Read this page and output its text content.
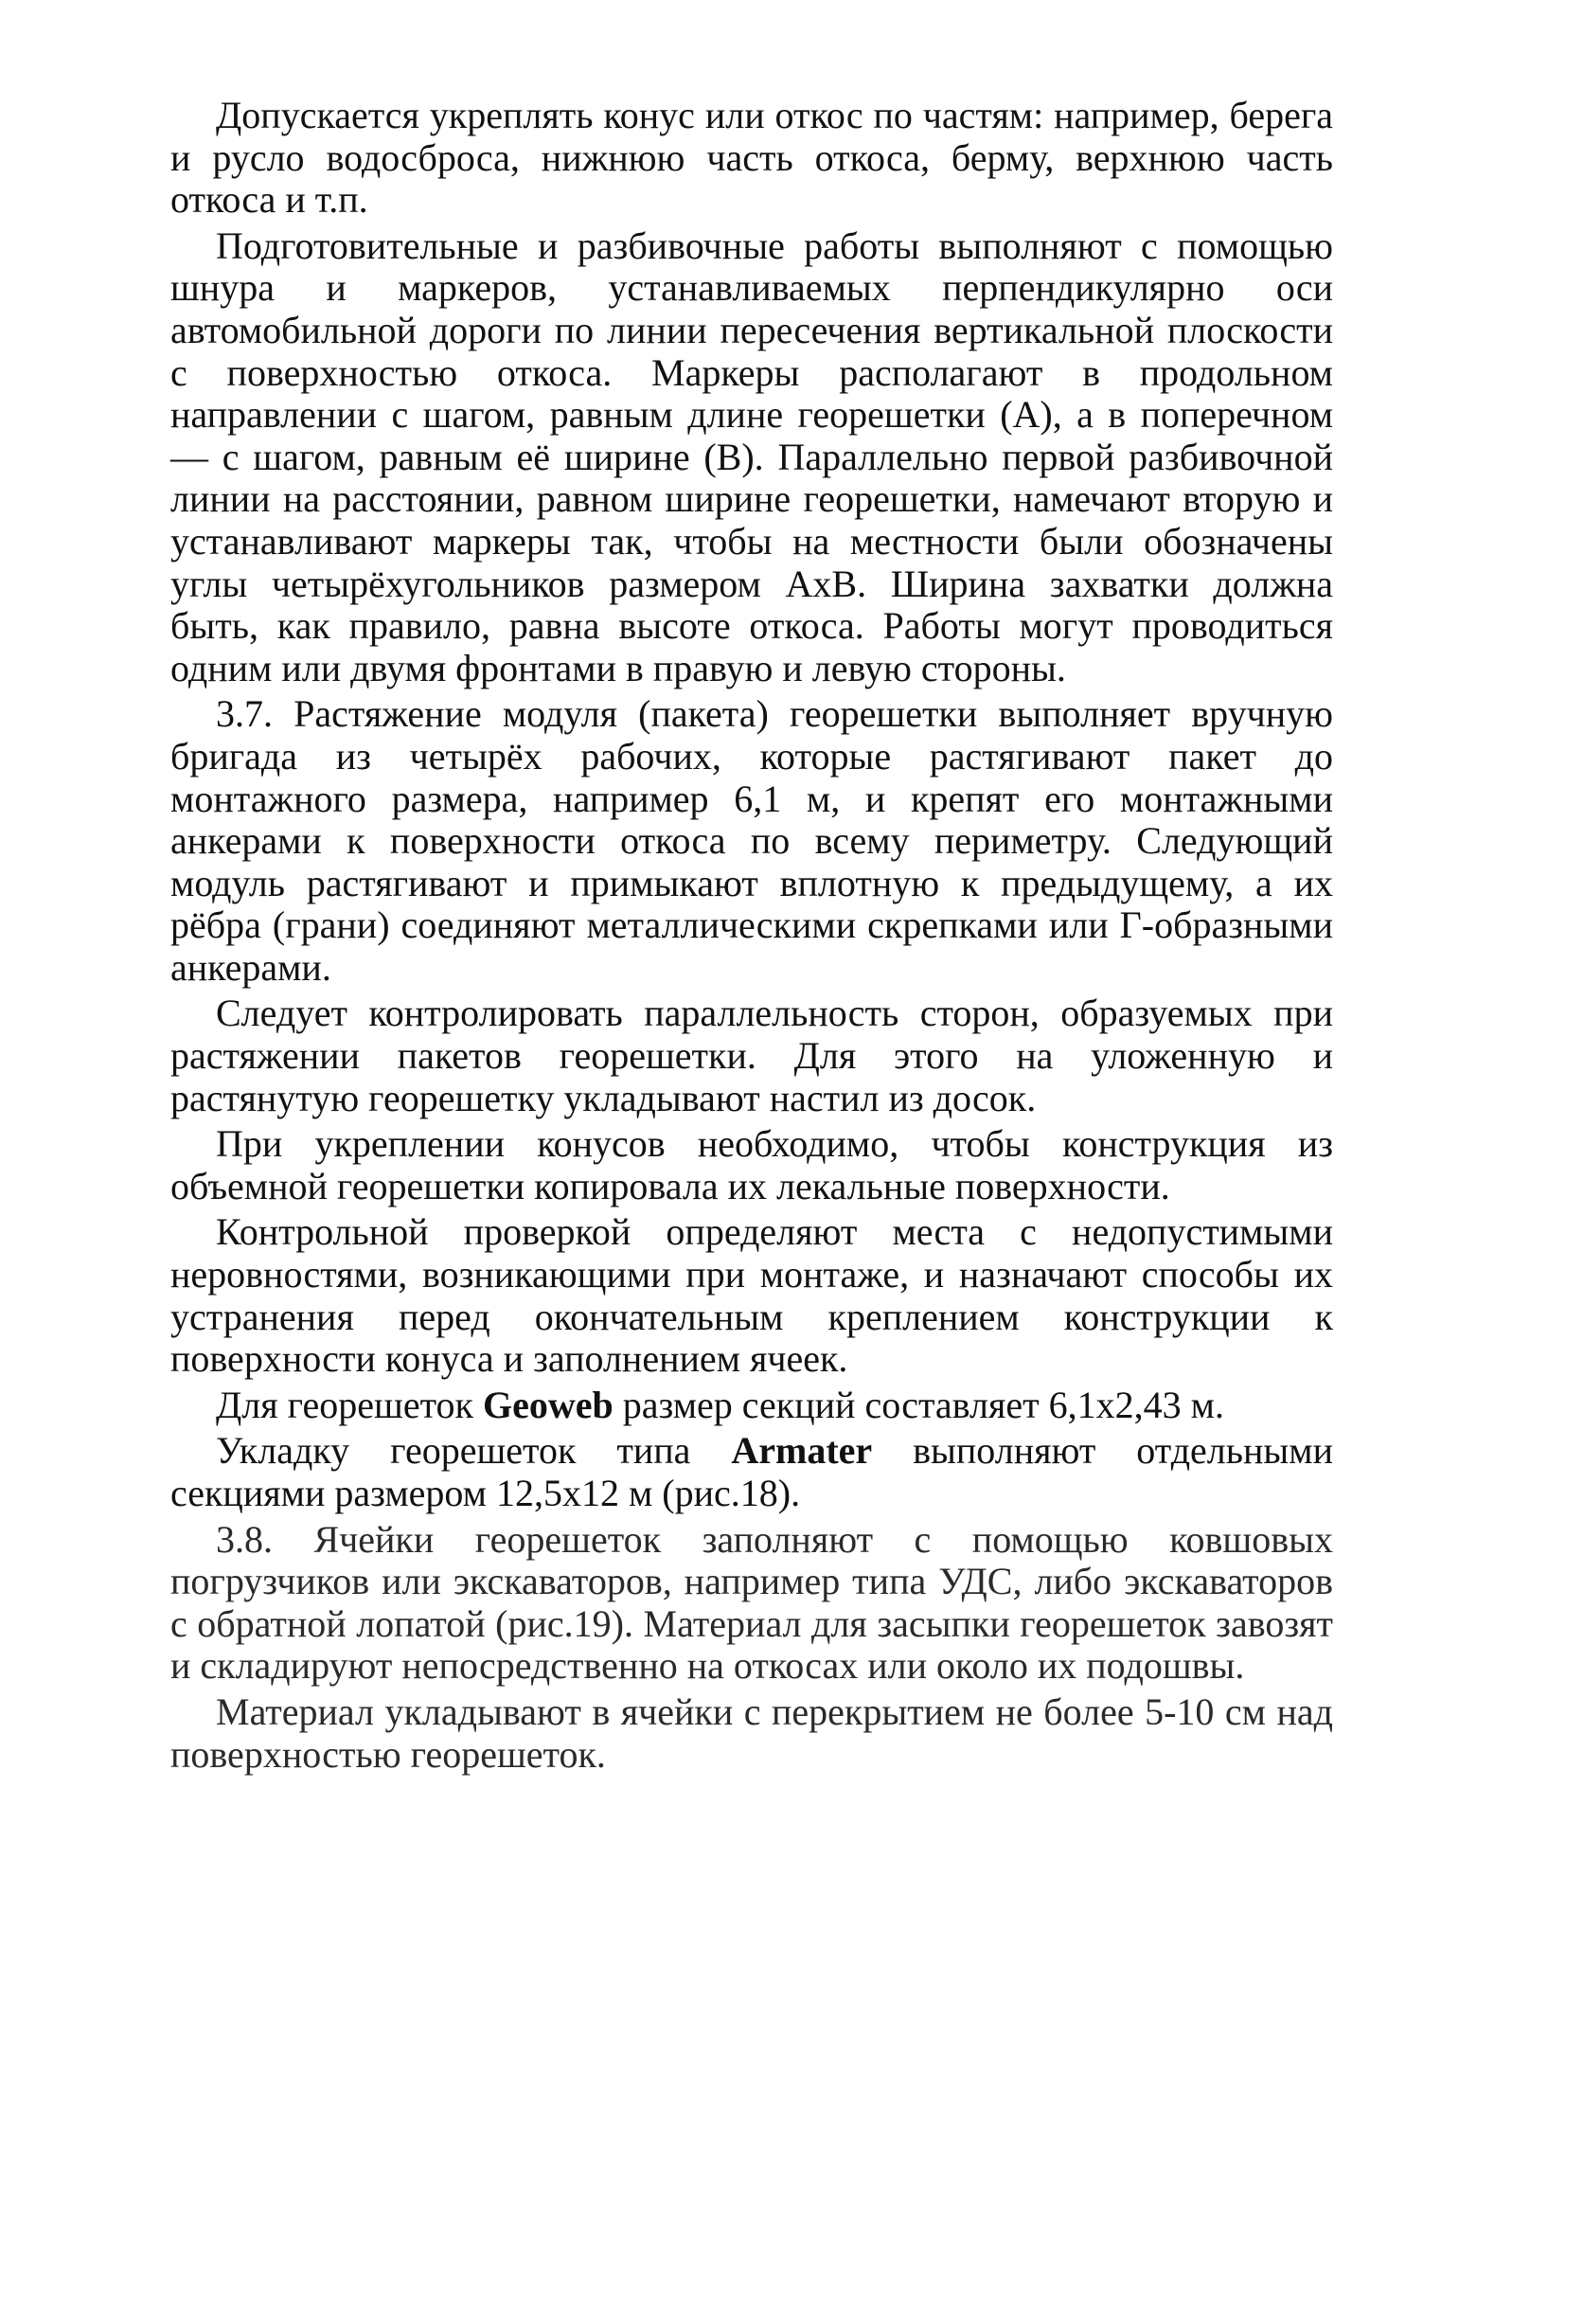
Допускается укреплять конус или откос по частям: например, берега и русло водосброса, нижнюю часть откоса, берму, верхнюю часть откоса и т.п.

Подготовительные и разбивочные работы выполняют с помощью шнура и маркеров, устанавливаемых перпендикулярно оси автомобильной дороги по линии пересечения вертикальной плоскости с поверхностью откоса. Маркеры располагают в продольном направлении с шагом, равным длине георешетки (А), а в поперечном — с шагом, равным её ширине (В). Параллельно первой разбивочной линии на расстоянии, равном ширине георешетки, намечают вторую и устанавливают маркеры так, чтобы на местности были обозначены углы четырёхугольников размером АхВ. Ширина захватки должна быть, как правило, равна высоте откоса. Работы могут проводиться одним или двумя фронтами в правую и левую стороны.

3.7. Растяжение модуля (пакета) георешетки выполняет вручную бригада из четырёх рабочих, которые растягивают пакет до монтажного размера, например 6,1 м, и крепят его монтажными анкерами к поверхности откоса по всему периметру. Следующий модуль растягивают и примыкают вплотную к предыдущему, а их рёбра (грани) соединяют металлическими скрепками или Г-образными анкерами.

Следует контролировать параллельность сторон, образуемых при растяжении пакетов георешетки. Для этого на уложенную и растянутую георешетку укладывают настил из досок.

При укреплении конусов необходимо, чтобы конструкция из объемной георешетки копировала их лекальные поверхности.

Контрольной проверкой определяют места с недопустимыми неровностями, возникающими при монтаже, и назначают способы их устранения перед окончательным креплением конструкции к поверхности конуса и заполнением ячеек.

Для георешеток Geoweb размер секций составляет 6,1х2,43 м.

Укладку георешеток типа Armater выполняют отдельными секциями размером 12,5х12 м (рис.18).

3.8. Ячейки георешеток заполняют с помощью ковшовых погрузчиков или экскаваторов, например типа УДС, либо экскаваторов с обратной лопатой (рис.19). Материал для засыпки георешеток завозят и складируют непосредственно на откосах или около их подошвы.

Материал укладывают в ячейки с перекрытием не более 5-10 см над поверхностью георешеток.
